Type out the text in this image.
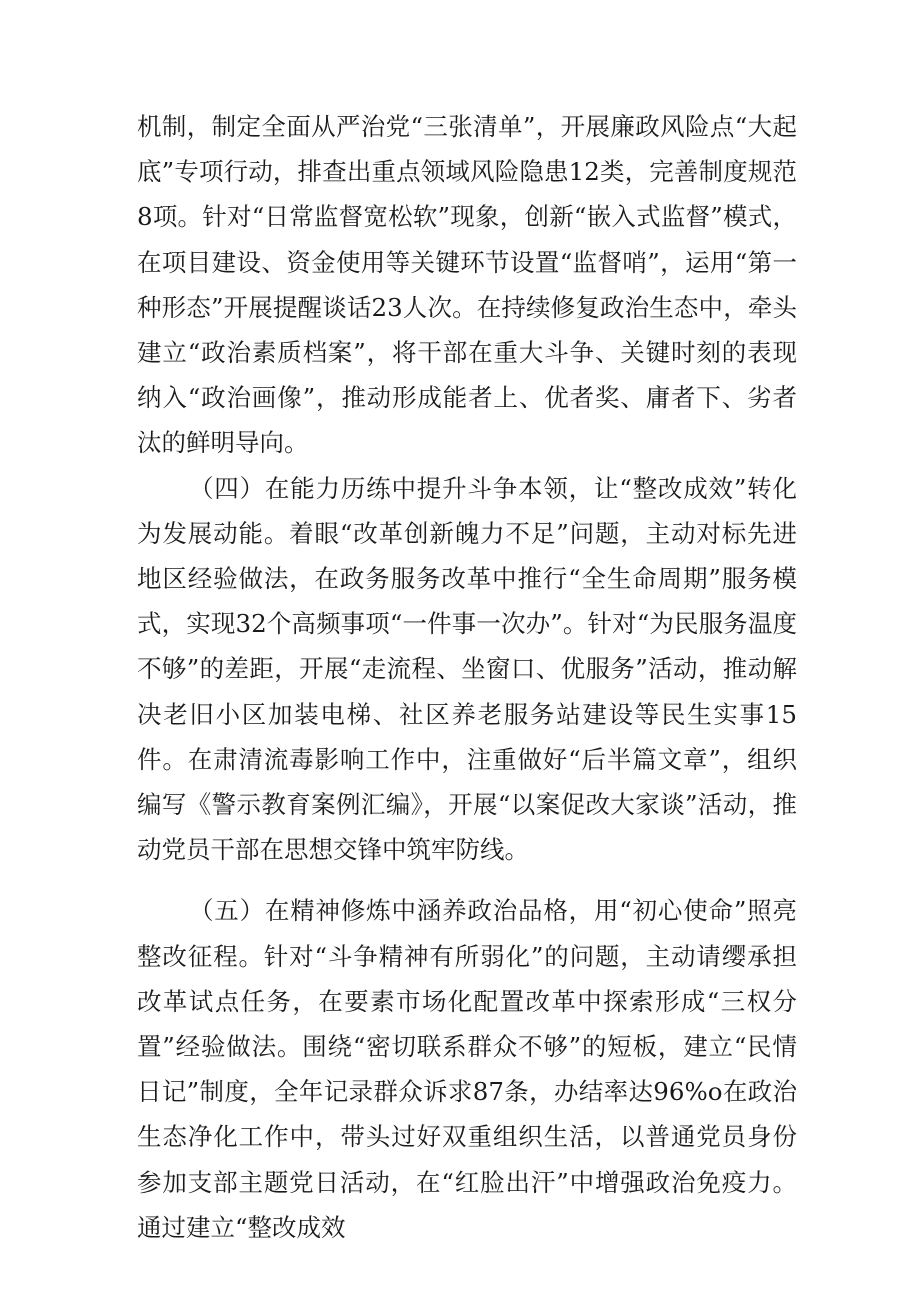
机制，制定全面从严治党“三张清单”，开展廉政风险点“大起底”专项行动，排查出重点领域风险隐患12类，完善制度规范8项。针对“日常监督宽松软”现象，创新“嵌入式监督”模式，在项目建设、资金使用等关键环节设置“监督哨”，运用“第一种形态”开展提醒谈话23人次。在持续修复政治生态中，牵头建立“政治素质档案”，将干部在重大斗争、关键时刻的表现纳入“政治画像”，推动形成能者上、优者奖、庸者下、劣者汰的鲜明导向。

（四）在能力历练中提升斗争本领，让“整改成效”转化为发展动能。着眼“改革创新魄力不足”问题，主动对标先进地区经验做法，在政务服务改革中推行“全生命周期”服务模式，实现32个高频事项“一件事一次办”。针对“为民服务温度不够”的差距，开展“走流程、坐窗口、优服务”活动，推动解决老旧小区加装电梯、社区养老服务站建设等民生实事15件。在肃清流毒影响工作中，注重做好“后半篇文章”，组织编写《警示教育案例汇编》，开展“以案促改大家谈”活动，推动党员干部在思想交锋中筑牢防线。

（五）在精神修炼中涵养政治品格，用“初心使命”照亮整改征程。针对“斗争精神有所弱化”的问题，主动请缨承担改革试点任务，在要素市场化配置改革中探索形成“三权分置”经验做法。围绕“密切联系群众不够”的短板，建立“民情日记”制度，全年记录群众诉求87条，办结率达96%o在政治生态净化工作中，带头过好双重组织生活，以普通党员身份参加支部主题党日活动，在“红脸出汗”中增强政治免疫力。通过建立“整改成效
